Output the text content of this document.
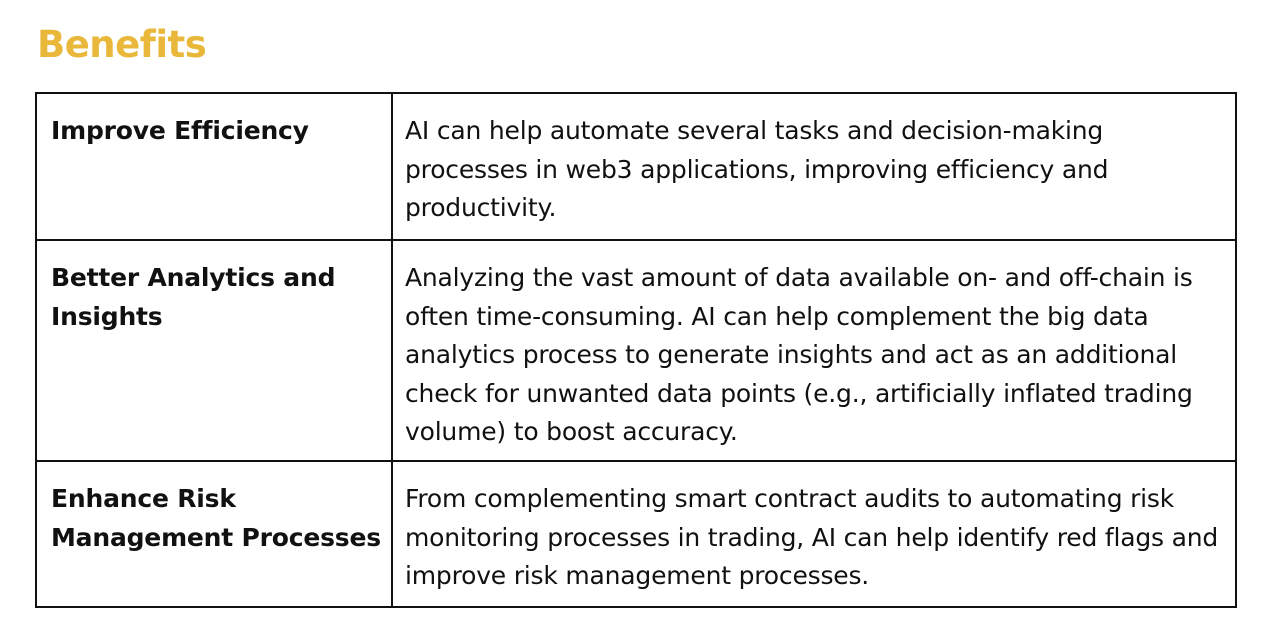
Benefits
Improve Efficiency	AI can help automate several tasks and decision-making processes in web3 applications, improving efficiency and productivity.
Better Analytics and Insights	Analyzing the vast amount of data available on- and off-chain is often time-consuming. AI can help complement the big data analytics process to generate insights and act as an additional check for unwanted data points (e.g., artificially inflated trading volume) to boost accuracy.
Enhance Risk Management Processes	From complementing smart contract audits to automating risk monitoring processes in trading, AI can help identify red flags and improve risk management processes.
